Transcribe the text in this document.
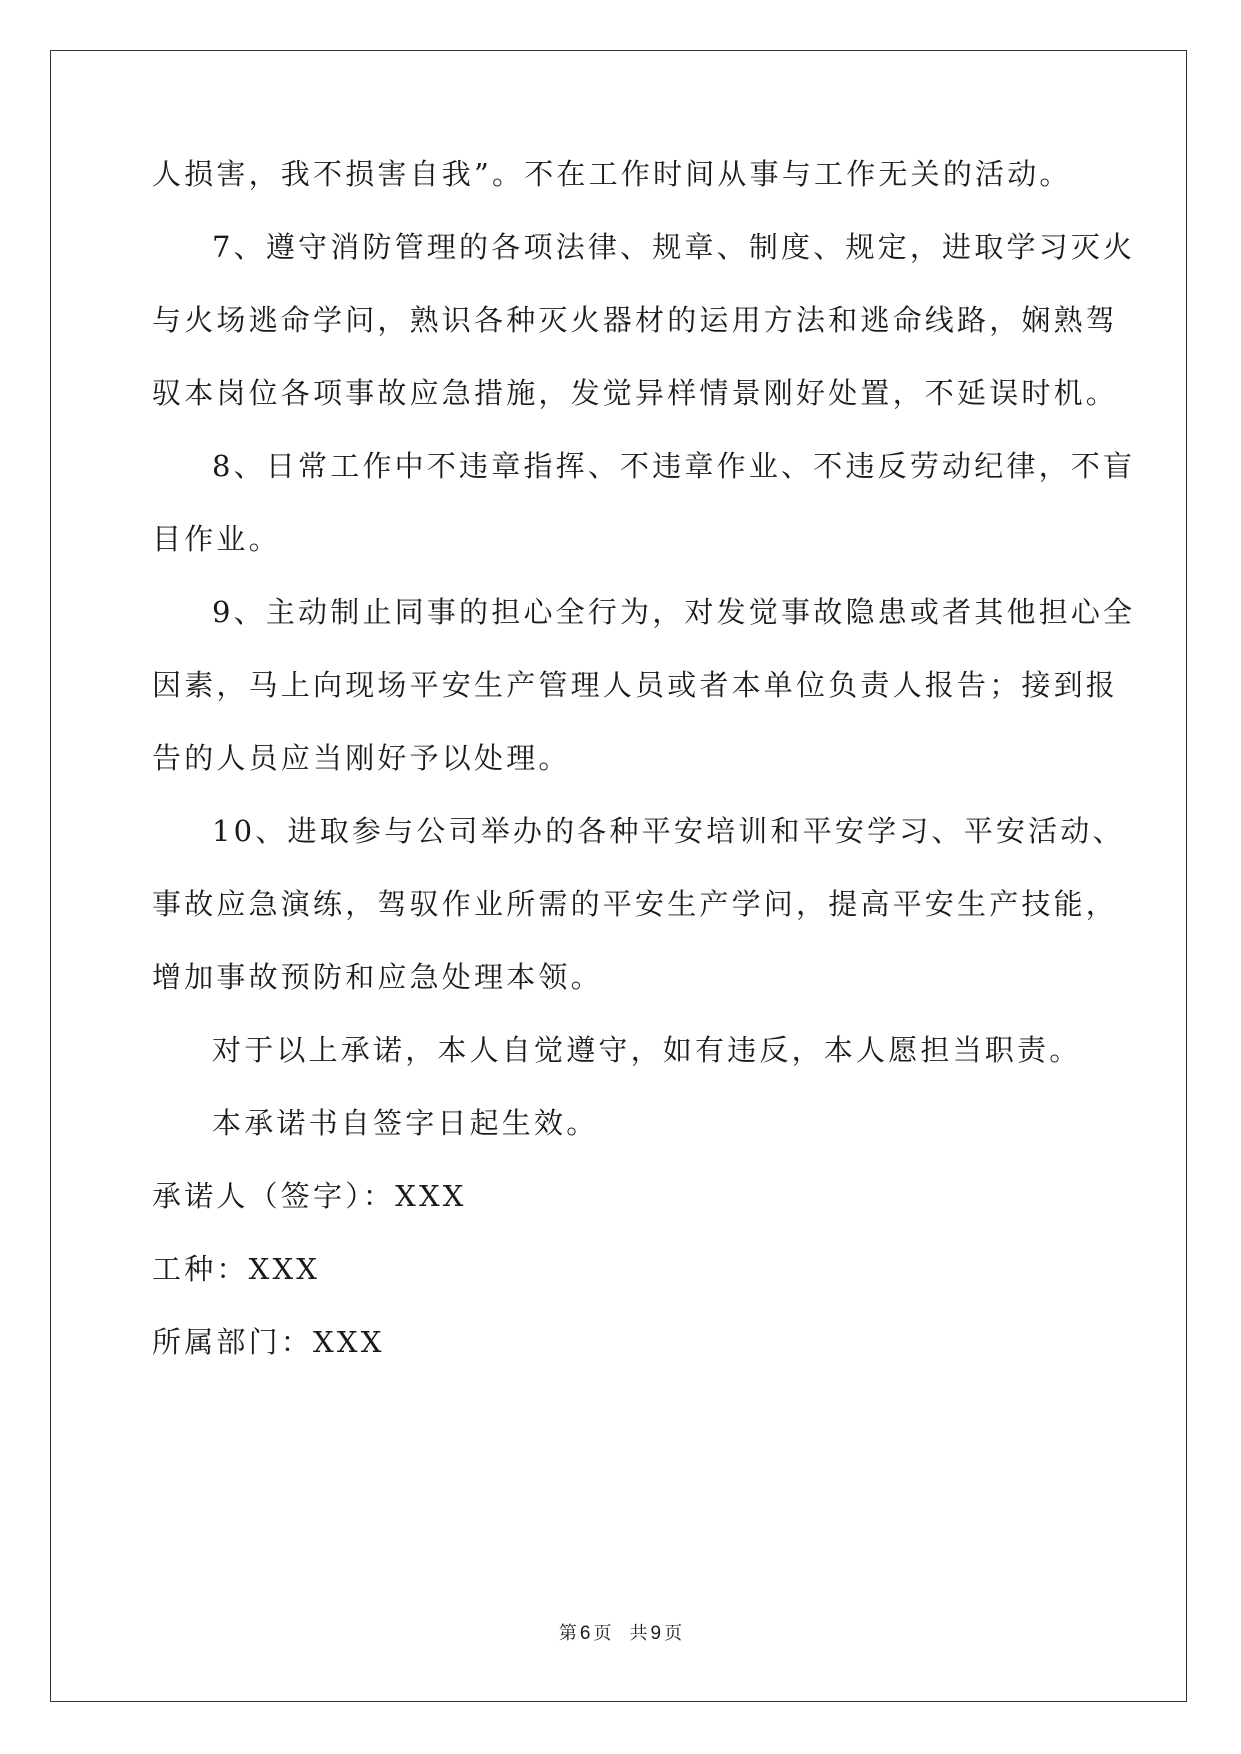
人损害，我不损害自我”。不在工作时间从事与工作无关的活动。
7、遵守消防管理的各项法律、规章、制度、规定，进取学习灭火
与火场逃命学问，熟识各种灭火器材的运用方法和逃命线路，娴熟驾
驭本岗位各项事故应急措施，发觉异样情景刚好处置，不延误时机。
8、日常工作中不违章指挥、不违章作业、不违反劳动纪律，不盲
目作业。
9、主动制止同事的担心全行为，对发觉事故隐患或者其他担心全
因素，马上向现场平安生产管理人员或者本单位负责人报告；接到报
告的人员应当刚好予以处理。
10、进取参与公司举办的各种平安培训和平安学习、平安活动、
事故应急演练，驾驭作业所需的平安生产学问，提高平安生产技能，
增加事故预防和应急处理本领。
对于以上承诺，本人自觉遵守，如有违反，本人愿担当职责。
本承诺书自签字日起生效。
承诺人（签字）：XXX
工种：XXX
所属部门：XXX
第 6 页 共 9 页
